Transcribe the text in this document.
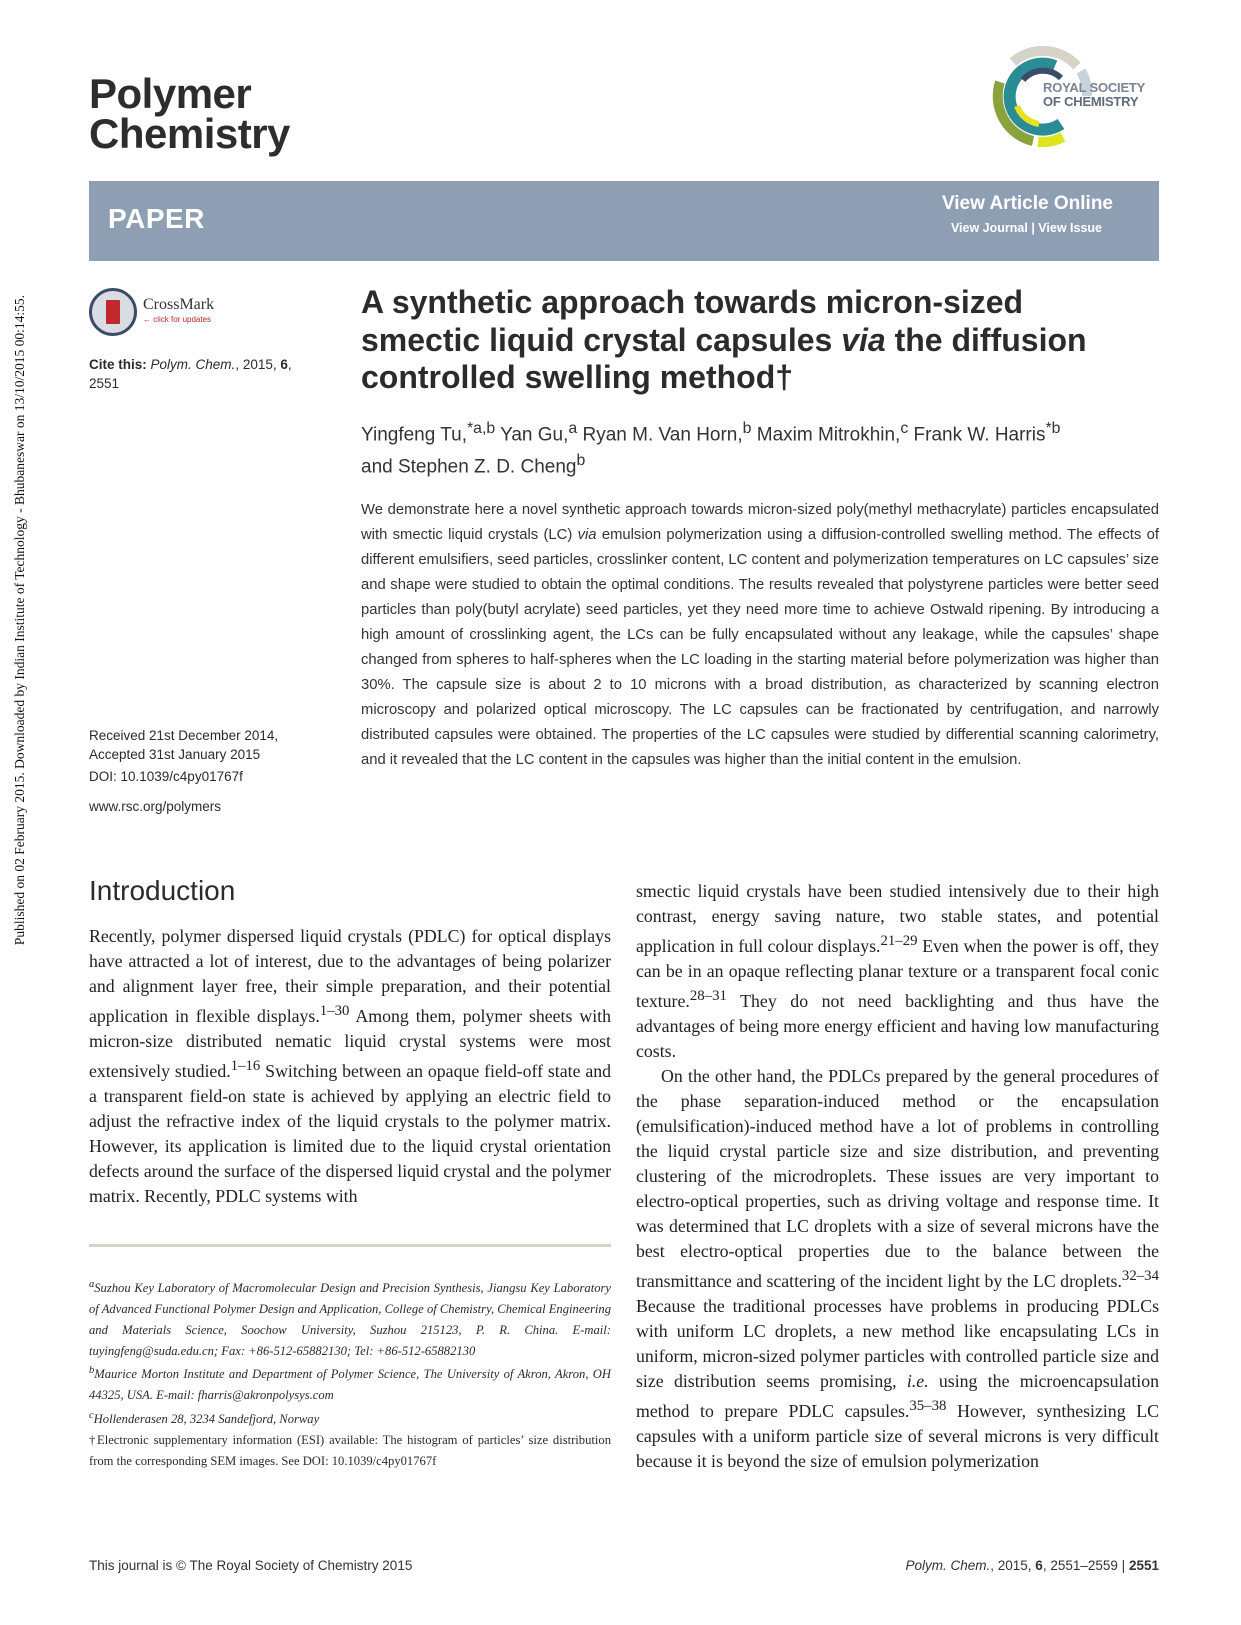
Published on 02 February 2015. Downloaded by Indian Institute of Technology - Bhubaneswar on 13/10/2015 00:14:55.
Polymer
Chemistry
ROYAL SOCIETY
OF CHEMISTRY
PAPER	View Article Online
View Journal | View Issue
CrossMark
← click for updates
Cite this: Polym. Chem., 2015, 6,
2551
Received 21st December 2014,
Accepted 31st January 2015
DOI: 10.1039/c4py01767f
www.rsc.org/polymers
A synthetic approach towards micron-sized smectic liquid crystal capsules via the diffusion controlled swelling method†
Yingfeng Tu,$^{*a,b}$ Yan Gu,$^a$ Ryan M. Van Horn,$^b$ Maxim Mitrokhin,$^c$ Frank W. Harris$^{*b}$
and Stephen Z. D. Cheng$^b$

We demonstrate here a novel synthetic approach towards micron-sized poly(methyl methacrylate) particles encapsulated with smectic liquid crystals (LC) via emulsion polymerization using a diffusion-controlled swelling method. The effects of different emulsifiers, seed particles, crosslinker content, LC content and polymerization temperatures on LC capsules’ size and shape were studied to obtain the optimal conditions. The results revealed that polystyrene particles were better seed particles than poly(butyl acrylate) seed particles, yet they need more time to achieve Ostwald ripening. By introducing a high amount of crosslinking agent, the LCs can be fully encapsulated without any leakage, while the capsules’ shape changed from spheres to half-spheres when the LC loading in the starting material before polymerization was higher than 30%. The capsule size is about 2 to 10 microns with a broad distribution, as characterized by scanning electron microscopy and polarized optical microscopy. The LC capsules can be fractionated by centrifugation, and narrowly distributed capsules were obtained. The properties of the LC capsules were studied by differential scanning calorimetry, and it revealed that the LC content in the capsules was higher than the initial content in the emulsion.

Introduction

Recently, polymer dispersed liquid crystals (PDLC) for optical displays have attracted a lot of interest, due to the advantages of being polarizer and alignment layer free, their simple preparation, and their potential application in flexible displays.$^{1-30}$ Among them, polymer sheets with micron-size distributed nematic liquid crystal systems were most extensively studied.$^{1-16}$ Switching between an opaque field-off state and a transparent field-on state is achieved by applying an electric field to adjust the refractive index of the liquid crystals to the polymer matrix. However, its application is limited due to the liquid crystal orientation defects around the surface of the dispersed liquid crystal and the polymer matrix. Recently, PDLC systems with

$^a$Suzhou Key Laboratory of Macromolecular Design and Precision Synthesis, Jiangsu Key Laboratory of Advanced Functional Polymer Design and Application, College of Chemistry, Chemical Engineering and Materials Science, Soochow University, Suzhou 215123, P. R. China. E-mail: tuyingfeng@suda.edu.cn; Fax: +86-512-65882130; Tel: +86-512-65882130

$^b$Maurice Morton Institute and Department of Polymer Science, The University of Akron, Akron, OH 44325, USA. E-mail: fharris@akronpolysys.com

$^c$Hollenderasen 28, 3234 Sandefjord, Norway

†Electronic supplementary information (ESI) available: The histogram of particles’ size distribution from the corresponding SEM images. See DOI: 10.1039/c4py01767f

smectic liquid crystals have been studied intensively due to their high contrast, energy saving nature, two stable states, and potential application in full colour displays.$^{21-29}$ Even when the power is off, they can be in an opaque reflecting planar texture or a transparent focal conic texture.$^{28-31}$ They do not need backlighting and thus have the advantages of being more energy efficient and having low manufacturing costs.

On the other hand, the PDLCs prepared by the general procedures of the phase separation-induced method or the encapsulation (emulsification)-induced method have a lot of problems in controlling the liquid crystal particle size and size distribution, and preventing clustering of the microdroplets. These issues are very important to electro-optical properties, such as driving voltage and response time. It was determined that LC droplets with a size of several microns have the best electro-optical properties due to the balance between the transmittance and scattering of the incident light by the LC droplets.$^{32-34}$ Because the traditional processes have problems in producing PDLCs with uniform LC droplets, a new method like encapsulating LCs in uniform, micron-sized polymer particles with controlled particle size and size distribution seems promising, i.e. using the microencapsulation method to prepare PDLC capsules.$^{35-38}$ However, synthesizing LC capsules with a uniform particle size of several microns is very difficult because it is beyond the size of emulsion polymerization

This journal is © The Royal Society of Chemistry 2015	Polym. Chem., 2015, 6, 2551–2559 | 2551
